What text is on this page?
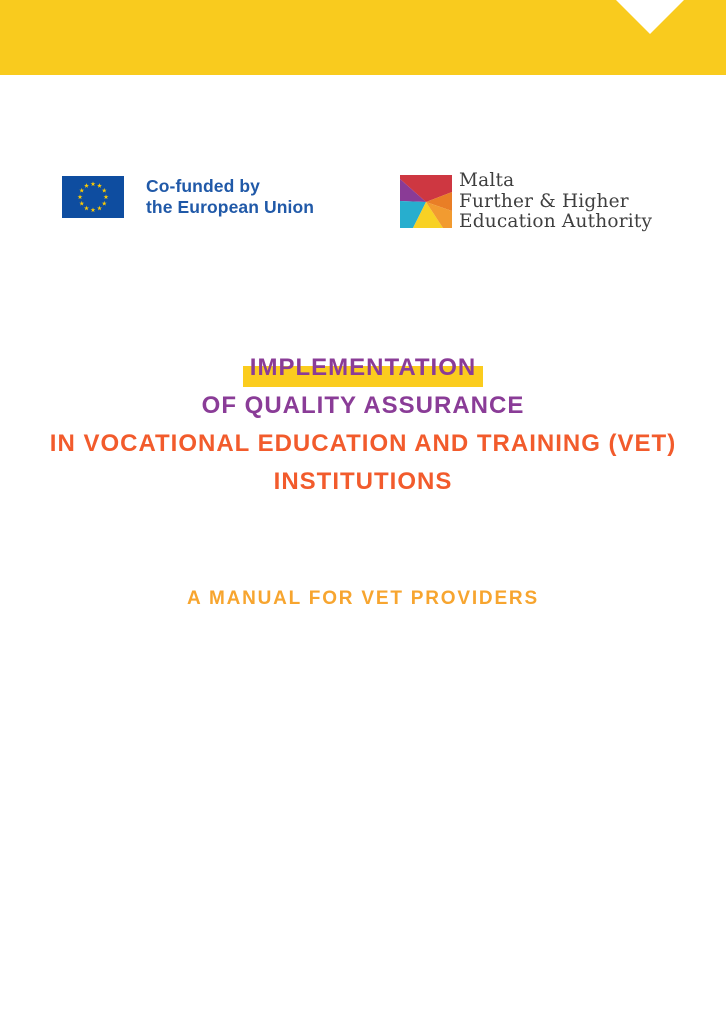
Co-funded by
the European Union
Malta
Further & Higher
Education Authority
IMPLEMENTATION
OF QUALITY ASSURANCE
IN VOCATIONAL EDUCATION AND TRAINING (VET)
INSTITUTIONS
A MANUAL FOR VET PROVIDERS
